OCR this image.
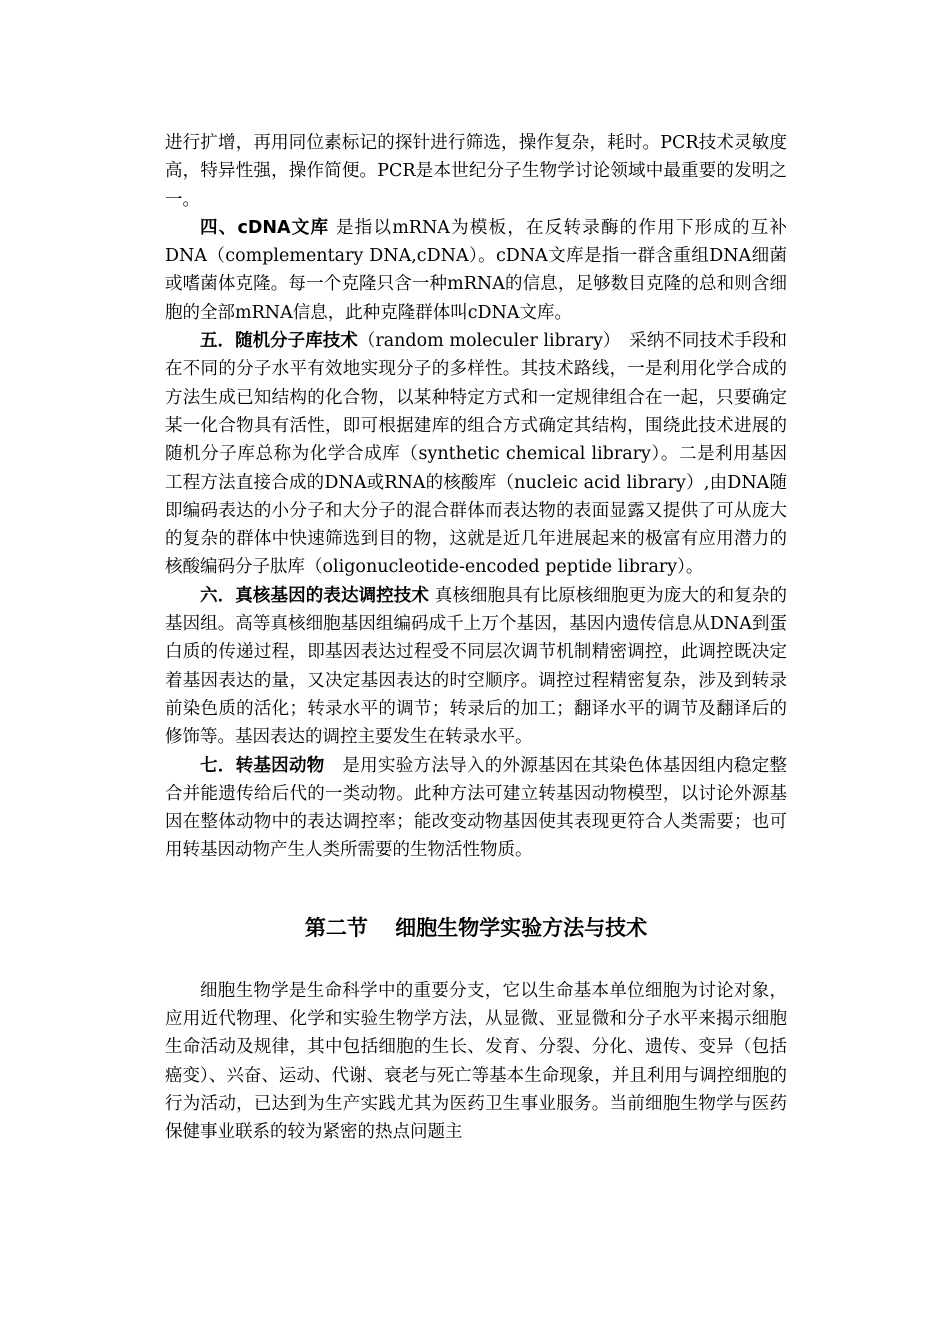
进行扩增，再用同位素标记的探针进行筛选，操作复杂，耗时。PCR技术灵敏度高，特异性强，操作简便。PCR是本世纪分子生物学讨论领域中最重要的发明之一。

四、cDNA文库 是指以mRNA为模板，在反转录酶的作用下形成的互补DNA（complementary DNA,cDNA）。cDNA文库是指一群含重组DNA细菌或嗜菌体克隆。每一个克隆只含一种mRNA的信息，足够数目克隆的总和则含细胞的全部mRNA信息，此种克隆群体叫cDNA文库。

五．随机分子库技术（random moleculer library）　采纳不同技术手段和在不同的分子水平有效地实现分子的多样性。其技术路线，一是利用化学合成的方法生成已知结构的化合物，以某种特定方式和一定规律组合在一起，只要确定某一化合物具有活性，即可根据建库的组合方式确定其结构，围绕此技术进展的随机分子库总称为化学合成库（synthetic chemical library）。二是利用基因工程方法直接合成的DNA或RNA的核酸库（nucleic acid library）,由DNA随即编码表达的小分子和大分子的混合群体而表达物的表面显露又提供了可从庞大的复杂的群体中快速筛选到目的物，这就是近几年进展起来的极富有应用潜力的核酸编码分子肽库（oligonucleotide-encoded peptide library）。

六．真核基因的表达调控技术 真核细胞具有比原核细胞更为庞大的和复杂的基因组。高等真核细胞基因组编码成千上万个基因，基因内遗传信息从DNA到蛋白质的传递过程，即基因表达过程受不同层次调节机制精密调控，此调控既决定着基因表达的量，又决定基因表达的时空顺序。调控过程精密复杂，涉及到转录前染色质的活化；转录水平的调节；转录后的加工；翻译水平的调节及翻译后的修饰等。基因表达的调控主要发生在转录水平。

七．转基因动物　是用实验方法导入的外源基因在其染色体基因组内稳定整合并能遗传给后代的一类动物。此种方法可建立转基因动物模型，以讨论外源基因在整体动物中的表达调控率；能改变动物基因使其表现更符合人类需要；也可用转基因动物产生人类所需要的生物活性物质。

第二节 细胞生物学实验方法与技术

细胞生物学是生命科学中的重要分支，它以生命基本单位细胞为讨论对象，应用近代物理、化学和实验生物学方法，从显微、亚显微和分子水平来揭示细胞生命活动及规律，其中包括细胞的生长、发育、分裂、分化、遗传、变异（包括癌变）、兴奋、运动、代谢、衰老与死亡等基本生命现象，并且利用与调控细胞的行为活动，已达到为生产实践尤其为医药卫生事业服务。当前细胞生物学与医药保健事业联系的较为紧密的热点问题主
